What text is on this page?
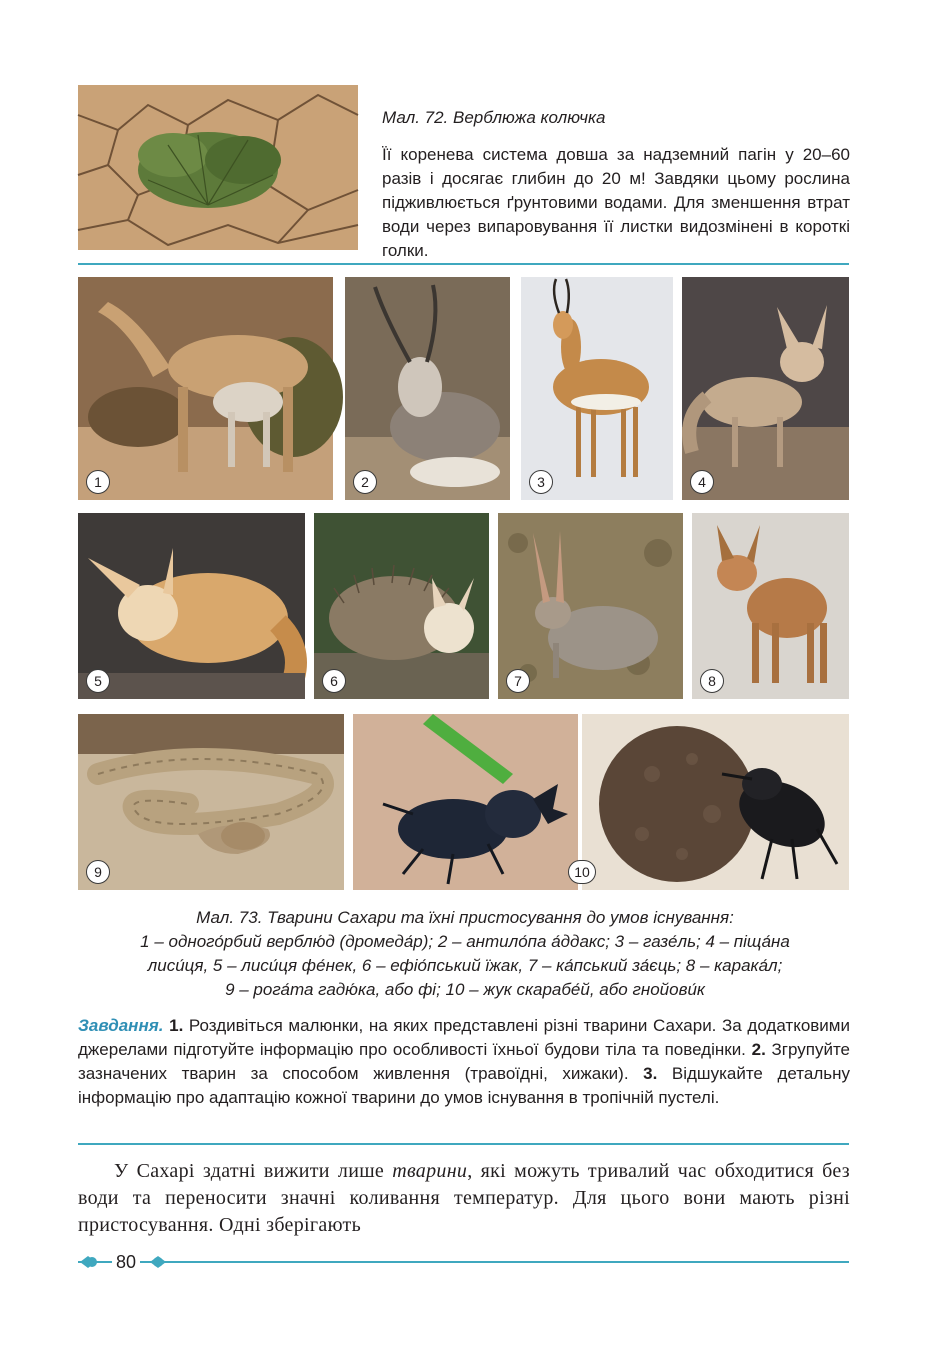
Мал. 72. Верблюжа колючка
Її коренева система довша за надземний пагін у 20–60 разів і досягає глибин до 20 м! Завдяки цьому рослина підживлюється ґрунтовими водами. Для зменшення втрат води через випаровування її листки видозмінені в короткі голки.
1	2	3	4
5	6	7	8
9	10
Мал. 73. Тварини Сахари та їхні пристосування до умов існування:
1 – одного́рбий верблю́д (дромеда́р); 2 – антило́па а́ддакс; 3 – газе́ль; 4 – піща́на
лиси́ця, 5 – лиси́ця фе́нек, 6 – ефіо́пський їжак, 7 – ка́пський за́єць; 8 – карака́л;
9 – рога́та гадю́ка, або фі; 10 – жук скарабе́й, або гнойови́к
Завдання. 1. Роздивіться малюнки, на яких представлені різні тварини Сахари. За додатковими джерелами підготуйте інформацію про особливості їхньої будови тіла та поведінки. 2. Згрупуйте зазначених тварин за способом живлення (травоїдні, хижаки). 3. Відшукайте детальну інформацію про адаптацію кожної тварини до умов існування в тропічній пустелі.

У Сахарі здатні вижити лише тварини, які можуть тривалий час обходитися без води та переносити значні коливання температур. Для цього вони мають різні пристосування. Одні зберігають

80
